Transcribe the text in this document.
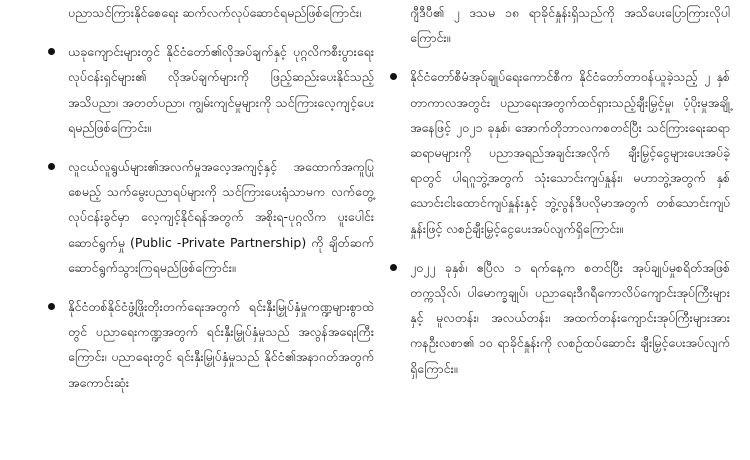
ပညာသင်ကြားနိုင်စေရေး ဆက်လက်လုပ်ဆောင်ရမည်ဖြစ်ကြောင်း၊

ယခုကျောင်းများတွင် နိုင်ငံတော်၏လိုအပ်ချက်နှင့် ပုဂ္ဂလိကစီးပွားရေးလုပ်ငန်းရှင်များ၏ လိုအပ်ချက်များကို ဖြည့်ဆည်းပေးနိုင်သည့် အသိပညာ၊ အတတ်ပညာ၊ ကျွမ်းကျင်မှုများကို သင်ကြားလေ့ကျင့်ပေးရမည်ဖြစ်ကြောင်း။

လူငယ်လူရွယ်များ၏အလက်မှုအလေ့အကျင့်နှင့် အထောက်အကူပြုစေမည့် သက်မွေးပညာရပ်များကို သင်ကြားပေးရုံသာမက လက်တွေ့လုပ်ငန်းခွင်မှာ လေ့ကျင့်နိုင်ရန်အတွက် အစိုးရ-ပုဂ္ဂလိက ပူးပေါင်းဆောင်ရွက်မှု (Public -Private Partnership) ကို ချိတ်ဆက်ဆောင်ရွက်သွားကြရမည်ဖြစ်ကြောင်း။

နိုင်ငံတစ်နိုင်ငံဖွံ့ဖြိုးတိုးတက်ရေးအတွက် ရင်းနှီးမြှုပ်နှံမှုကဏ္ဍများစွာထဲတွင် ပညာရေးကဏ္ဍအတွက် ရင်းနှီးမြှုပ်နှံမှုသည် အလွန်အရေးကြီးကြောင်း၊ ပညာရေးတွင် ရင်းနှီးမြှုပ်နှံမှုသည် နိုင်ငံ၏အနာဂတ်အတွက် အကောင်းဆုံး

ဂျီဒီပီ၏ ၂ ဒသမ ၁၈ ရာခိုင်နှုန်းရှိသည်ကို အသိပေးပြောကြားလိုပါကြောင်း။

နိုင်ငံတော်စီမံအုပ်ချုပ်ရေးကောင်စီက နိုင်ငံတော်တာဝန်ယူခဲ့သည့် ၂ နှစ်တာကာလအတွင်း ပညာရေးအတွက်ထင်ရှားသည့်ချီးမြှင့်မှု၊ ပံ့ပိုးမှုအချို့အနေဖြင့် ၂၀၂၁ ခုနှစ်၊ အောက်တိုဘာလကစတင်ပြီး သင်ကြားရေးဆရာ ဆရာမများကို ပညာအရည်အချင်းအလိုက် ချီးမြှင့်ငွေများပေးအပ်ခဲ့ရာတွင် ပါရဂူဘွဲ့အတွက် သုံးသောင်းကျပ်နှုန်း၊ မဟာဘွဲ့အတွက် နှစ်သောင်းငါးထောင်ကျပ်နှုန်းနှင့် ဘွဲ့လွန်ဒီပလိုမာအတွက် တစ်သောင်းကျပ်နှုန်းဖြင့် လစဉ်ချီးမြှင့်ငွေပေးအပ်လျက်ရှိကြောင်း။

၂၀၂၂ ခုနှစ်၊ ဧပြီလ ၁ ရက်နေ့က စတင်ပြီး အုပ်ချုပ်မှုစရိတ်အဖြစ် တက္ကသိုလ်၊ ပါမောက္ခချုပ်၊ ပညာရေးဒီဂရီကောလိပ်ကျောင်းအုပ်ကြီးများနှင့် မူလတန်း၊ အလယ်တန်း၊ အထက်တန်းကျောင်းအုပ်ကြီးများအား ကနဦးလစာ၏ ၁၀ ရာခိုင်နှုန်းကို လစဉ်ထပ်ဆောင်း ချီးမြှင့်ပေးအပ်လျက်ရှိကြောင်း။
